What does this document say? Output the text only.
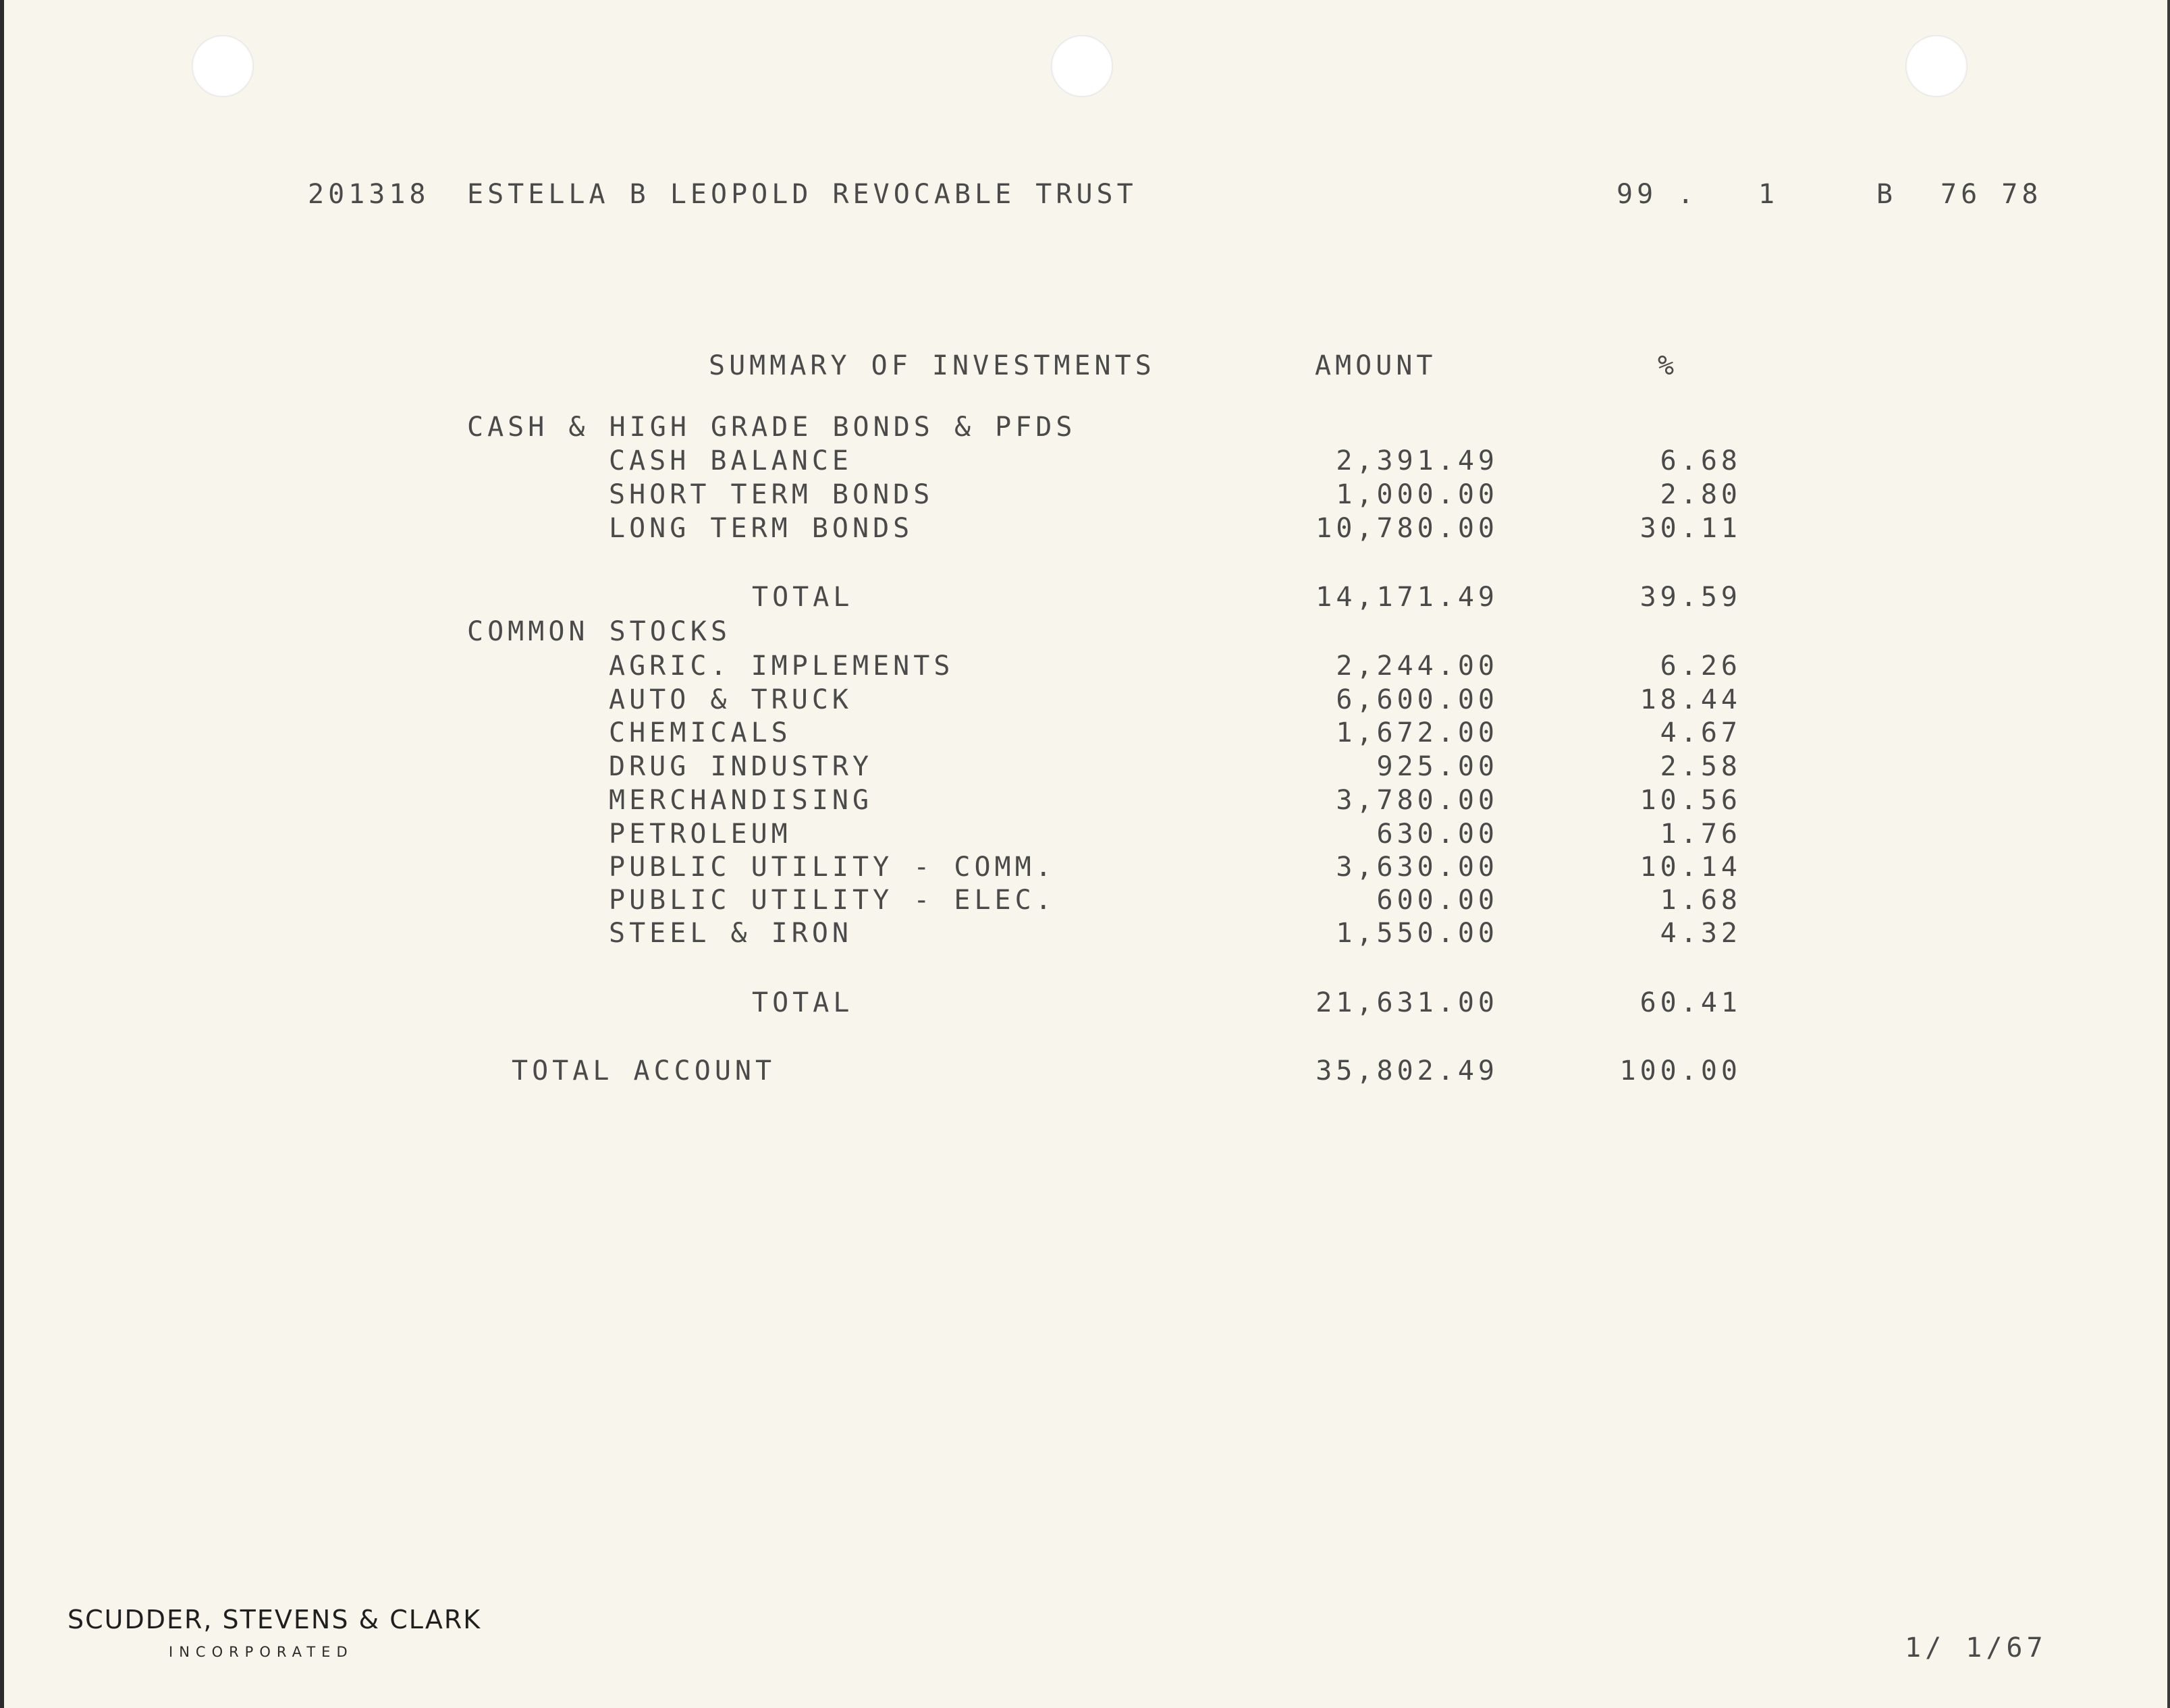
201318 ESTELLA B LEOPOLD REVOCABLE TRUST	99 . 1	B 76 78
SUMMARY OF INVESTMENTS	AMOUNT	%
CASH & HIGH GRADE BONDS & PFDS
CASH BALANCE	2,391.49	6.68
SHORT TERM BONDS	1,000.00	2.80
LONG TERM BONDS	10,780.00	30.11
TOTAL	14,171.49	39.59
COMMON STOCKS
AGRIC. IMPLEMENTS	2,244.00	6.26
AUTO & TRUCK	6,600.00	18.44
CHEMICALS	1,672.00	4.67
DRUG INDUSTRY	925.00	2.58
MERCHANDISING	3,780.00	10.56
PETROLEUM	630.00	1.76
PUBLIC UTILITY - COMM.	3,630.00	10.14
PUBLIC UTILITY - ELEC.	600.00	1.68
STEEL & IRON	1,550.00	4.32
TOTAL	21,631.00	60.41
TOTAL ACCOUNT	35,802.49	100.00
SCUDDER, STEVENS & CLARK
INCORPORATED	1/ 1/67
